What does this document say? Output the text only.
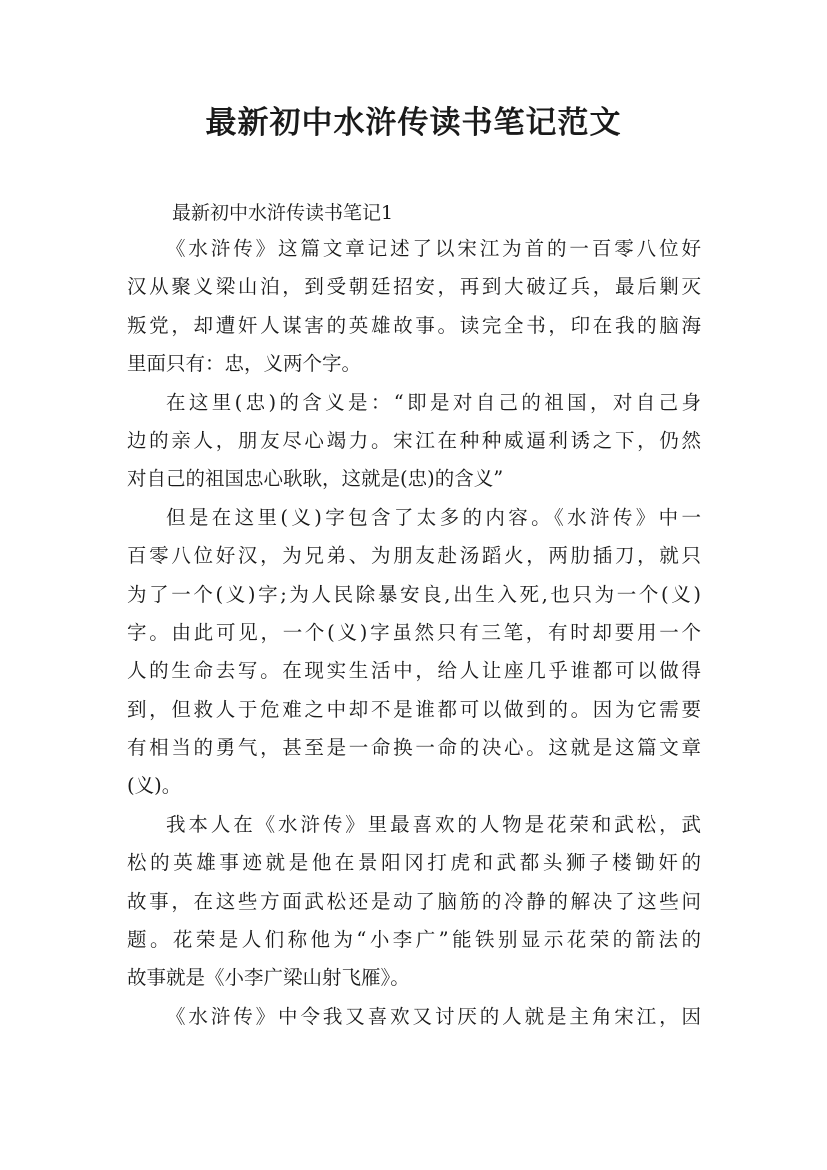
最新初中水浒传读书笔记范文
最新初中水浒传读书笔记1
《水浒传》这篇文章记述了以宋江为首的一百零八位好
汉从聚义梁山泊，到受朝廷招安，再到大破辽兵，最后剿灭
叛党，却遭奸人谋害的英雄故事。读完全书，印在我的脑海
里面只有：忠，义两个字。
在这里(忠)的含义是：“即是对自己的祖国，对自己身
边的亲人，朋友尽心竭力。宋江在种种威逼利诱之下，仍然
对自己的祖国忠心耿耿，这就是(忠)的含义”
但是在这里(义)字包含了太多的内容。《水浒传》中一
百零八位好汉，为兄弟、为朋友赴汤蹈火，两肋插刀，就只
为了一个(义)字;为人民除暴安良,出生入死,也只为一个(义)
字。由此可见，一个(义)字虽然只有三笔，有时却要用一个
人的生命去写。在现实生活中，给人让座几乎谁都可以做得
到，但救人于危难之中却不是谁都可以做到的。因为它需要
有相当的勇气，甚至是一命换一命的决心。这就是这篇文章
(义)。
我本人在《水浒传》里最喜欢的人物是花荣和武松，武
松的英雄事迹就是他在景阳冈打虎和武都头狮子楼锄奸的
故事，在这些方面武松还是动了脑筋的冷静的解决了这些问
题。花荣是人们称他为“小李广”能铁别显示花荣的箭法的
故事就是《小李广梁山射飞雁》。
《水浒传》中令我又喜欢又讨厌的人就是主角宋江，因
